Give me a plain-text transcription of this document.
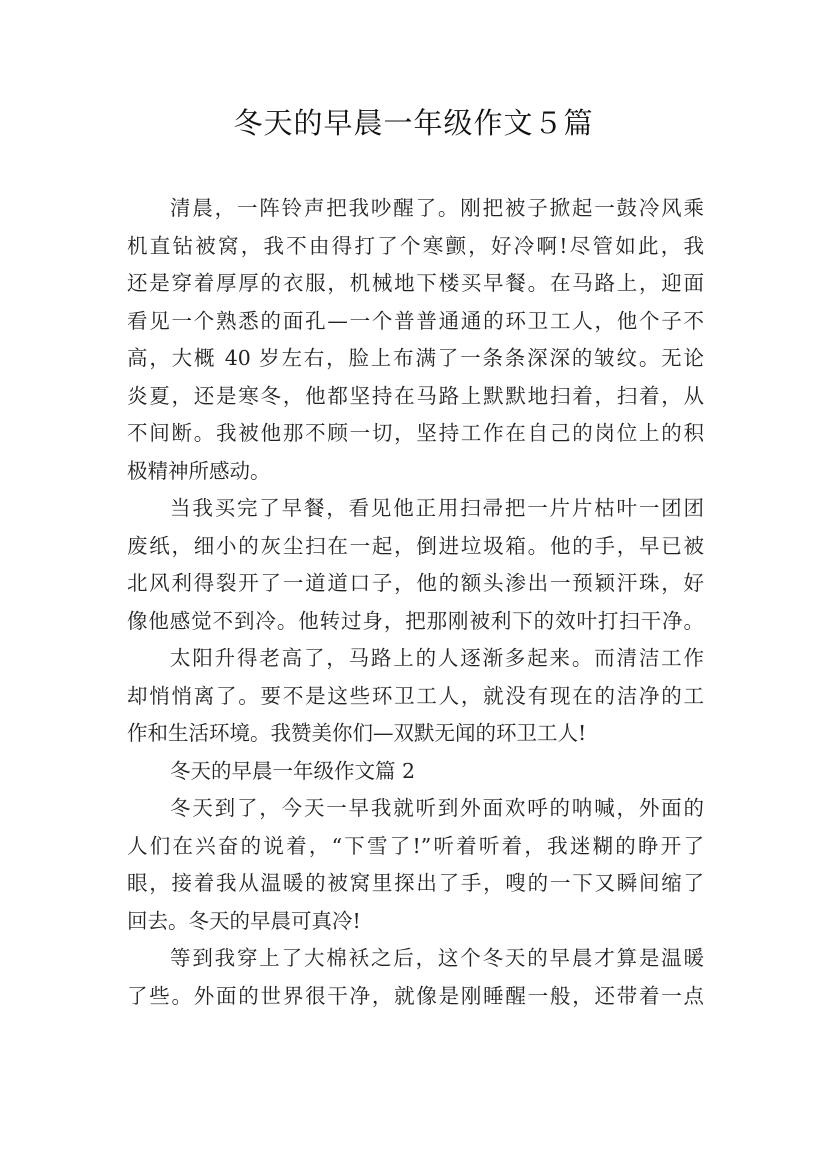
冬天的早晨一年级作文５篇
清晨，一阵铃声把我吵醒了。刚把被子掀起一鼓冷风乘
机直钻被窝，我不由得打了个寒颤，好冷啊!尽管如此，我
还是穿着厚厚的衣服，机械地下楼买早餐。在马路上，迎面
看见一个熟悉的面孔—一个普普通通的环卫工人，他个子不
高，大概 40 岁左右，脸上布满了一条条深深的皱纹。无论
炎夏，还是寒冬，他都坚持在马路上默默地扫着，扫着，从
不间断。我被他那不顾一切，坚持工作在自己的岗位上的积
极精神所感动。
当我买完了早餐，看见他正用扫帚把一片片枯叶一团团
废纸，细小的灰尘扫在一起，倒进垃圾箱。他的手，早已被
北风利得裂开了一道道口子，他的额头渗出一预颖汗珠，好
像他感觉不到冷。他转过身，把那刚被利下的效叶打扫干净。
太阳升得老高了，马路上的人逐渐多起来。而清洁工作
却悄悄离了。要不是这些环卫工人，就没有现在的洁净的工
作和生活环境。我赞美你们—双默无闻的环卫工人!
冬天的早晨一年级作文篇 2
冬天到了，今天一早我就听到外面欢呼的呐喊，外面的
人们在兴奋的说着，“下雪了!”听着听着，我迷糊的睁开了
眼，接着我从温暖的被窝里探出了手，嗖的一下又瞬间缩了
回去。冬天的早晨可真冷!
等到我穿上了大棉袄之后，这个冬天的早晨才算是温暖
了些。外面的世界很干净，就像是刚睡醒一般，还带着一点
